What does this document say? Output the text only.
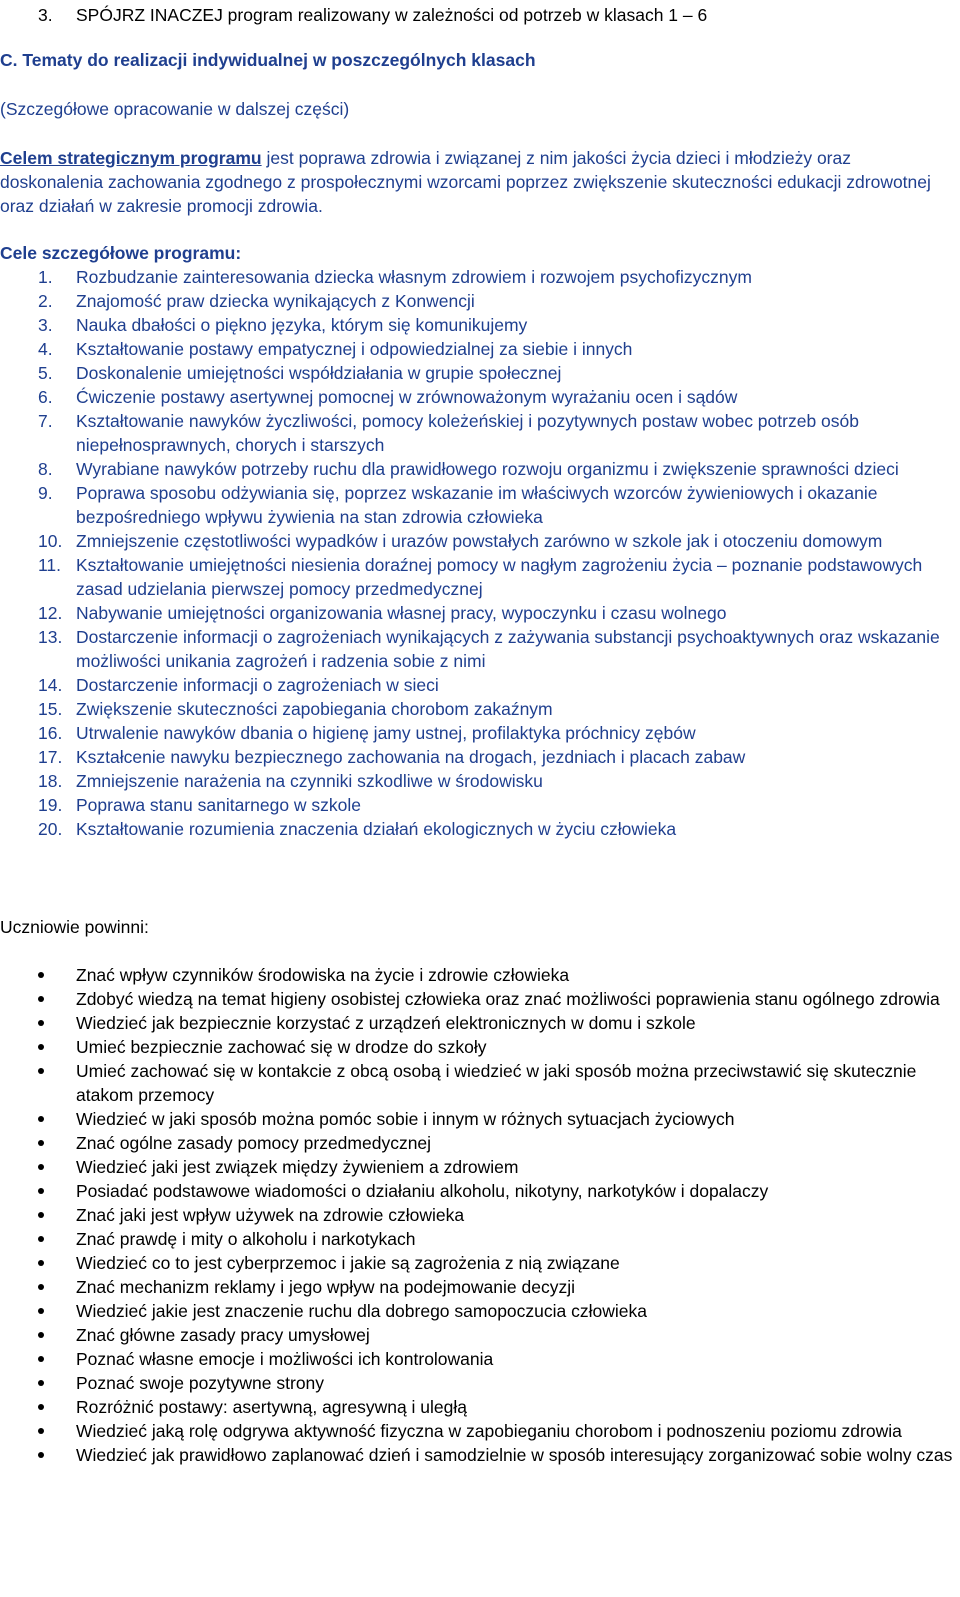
3. SPÓJRZ INACZEJ program realizowany w zależności od potrzeb w klasach 1 – 6
C. Tematy do realizacji indywidualnej w poszczególnych klasach
(Szczegółowe opracowanie w dalszej części)
Celem strategicznym programu jest poprawa zdrowia i związanej z nim jakości życia dzieci i młodzieży oraz doskonalenia zachowania zgodnego z prospołecznymi wzorcami poprzez zwiększenie skuteczności edukacji zdrowotnej oraz działań w zakresie promocji zdrowia.
Cele szczegółowe programu:
1.	Rozbudzanie zainteresowania dziecka własnym zdrowiem i rozwojem psychofizycznym
2.	Znajomość praw dziecka wynikających z Konwencji
3.	Nauka dbałości o piękno języka, którym się komunikujemy
4.	Kształtowanie postawy empatycznej i odpowiedzialnej za siebie i innych
5.	Doskonalenie umiejętności współdziałania w grupie społecznej
6.	Ćwiczenie postawy asertywnej pomocnej w zrównoważonym wyrażaniu ocen i sądów
7.	Kształtowanie nawyków życzliwości, pomocy koleżeńskiej i pozytywnych postaw wobec potrzeb osób niepełnosprawnych, chorych i starszych
8.	Wyrabiane nawyków potrzeby ruchu dla prawidłowego rozwoju organizmu i zwiększenie sprawności dzieci
9.	Poprawa sposobu odżywiania się, poprzez wskazanie im właściwych wzorców żywieniowych i okazanie bezpośredniego wpływu żywienia na stan zdrowia człowieka
10. Zmniejszenie częstotliwości wypadków i urazów powstałych zarówno w szkole jak i otoczeniu domowym
11. Kształtowanie umiejętności niesienia doraźnej pomocy w nagłym zagrożeniu życia – poznanie podstawowych zasad udzielania pierwszej pomocy przedmedycznej
12. Nabywanie umiejętności organizowania własnej pracy, wypoczynku i czasu wolnego
13. Dostarczenie informacji o zagrożeniach wynikających z zażywania substancji psychoaktywnych oraz wskazanie możliwości unikania zagrożeń i radzenia sobie z nimi
14. Dostarczenie informacji o zagrożeniach w sieci
15. Zwiększenie skuteczności zapobiegania chorobom zakaźnym
16. Utrwalenie nawyków dbania o higienę jamy ustnej, profilaktyka próchnicy zębów
17. Kształcenie nawyku bezpiecznego zachowania na drogach, jezdniach i placach zabaw
18. Zmniejszenie narażenia na czynniki szkodliwe w środowisku
19. Poprawa stanu sanitarnego w szkole
20. Kształtowanie rozumienia znaczenia działań ekologicznych w życiu człowieka
Uczniowie powinni:
Znać wpływ czynników środowiska na życie i zdrowie człowieka
Zdobyć wiedzą na temat higieny osobistej człowieka oraz znać możliwości poprawienia stanu ogólnego zdrowia
Wiedzieć jak bezpiecznie korzystać z urządzeń elektronicznych w domu i szkole
Umieć bezpiecznie zachować się w drodze do szkoły
Umieć zachować się w kontakcie z obcą osobą i wiedzieć w jaki sposób można przeciwstawić się skutecznie atakom przemocy
Wiedzieć w jaki sposób można pomóc sobie i innym w różnych sytuacjach życiowych
Znać ogólne zasady pomocy przedmedycznej
Wiedzieć jaki jest związek między żywieniem a zdrowiem
Posiadać podstawowe wiadomości o działaniu alkoholu, nikotyny, narkotyków i dopalaczy
Znać jaki jest wpływ używek na zdrowie człowieka
Znać prawdę i mity o alkoholu i narkotykach
Wiedzieć co to jest cyberprzemoc i jakie są zagrożenia z nią związane
Znać mechanizm reklamy i jego wpływ na podejmowanie decyzji
Wiedzieć jakie jest znaczenie ruchu dla dobrego samopoczucia człowieka
Znać główne zasady pracy umysłowej
Poznać własne emocje i możliwości ich kontrolowania
Poznać swoje pozytywne strony
Rozróżnić postawy: asertywną, agresywną i uległą
Wiedzieć jaką rolę odgrywa aktywność fizyczna w zapobieganiu chorobom i podnoszeniu poziomu zdrowia
Wiedzieć jak prawidłowo zaplanować dzień i samodzielnie w sposób interesujący zorganizować sobie wolny czas
